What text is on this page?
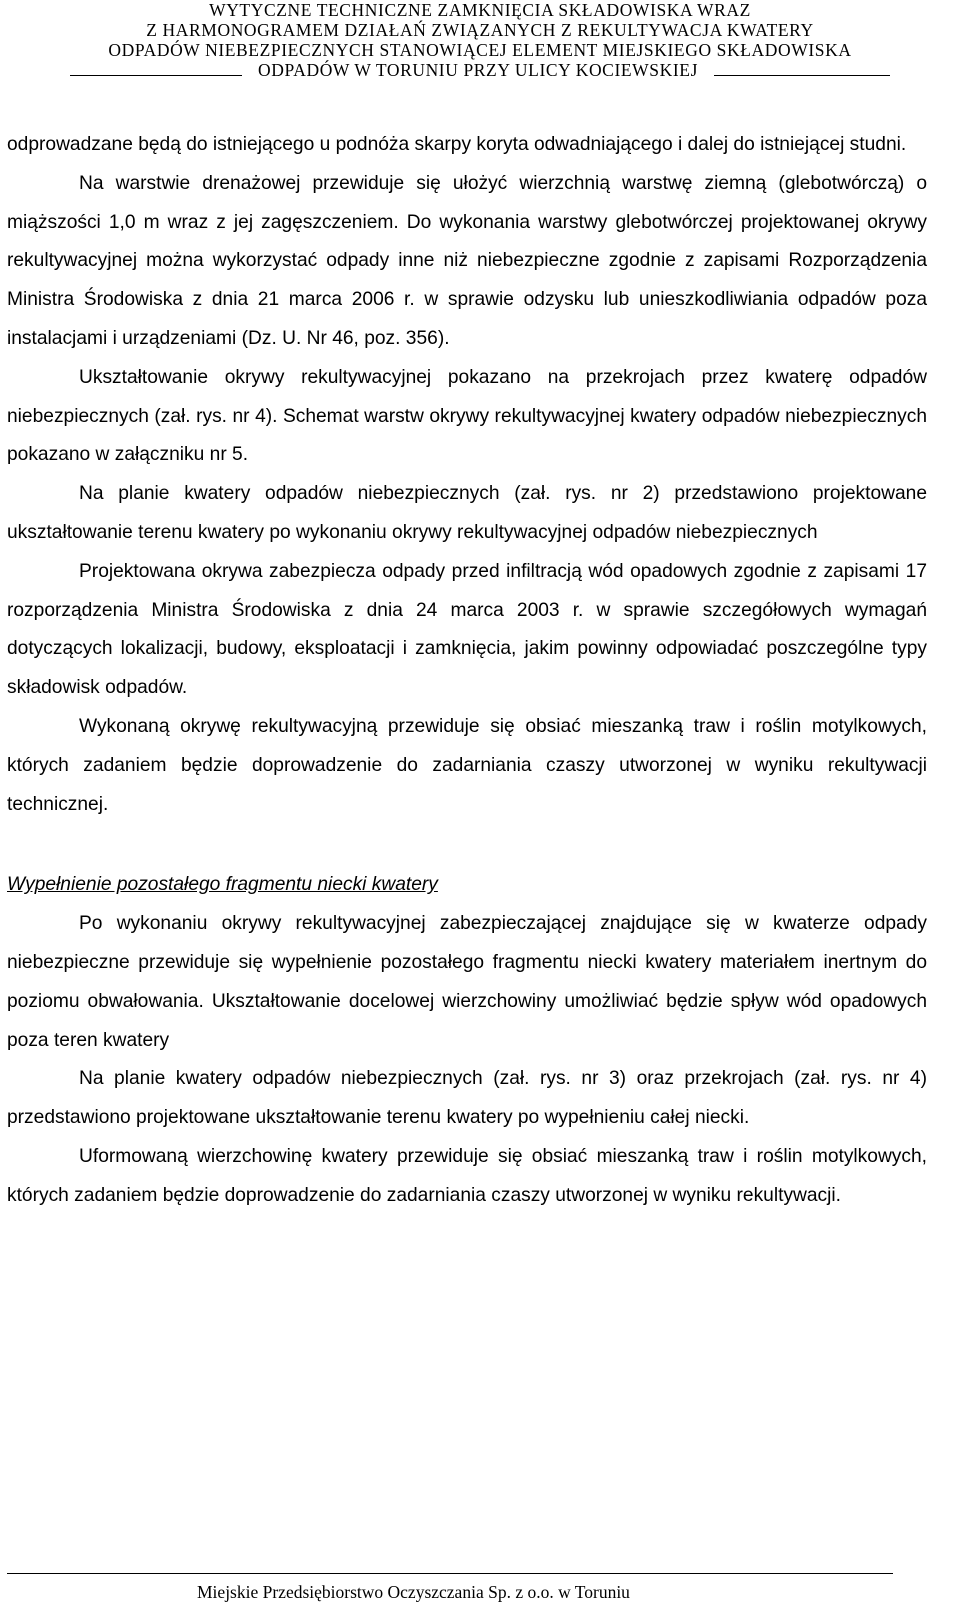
WYTYCZNE TECHNICZNE ZAMKNIĘCIA SKŁADOWISKA WRAZ
Z HARMONOGRAMEM DZIAŁAŃ ZWIĄZANYCH Z REKULTYWACJA KWATERY
ODPADÓW NIEBEZPIECZNYCH STANOWIĄCEJ ELEMENT MIEJSKIEGO SKŁADOWISKA
ODPADÓW W TORUNIU PRZY ULICY KOCIEWSKIEJ

odprowadzane będą do istniejącego u podnóża skarpy koryta odwadniającego i dalej do istniejącej studni.

Na warstwie drenażowej przewiduje się ułożyć wierzchnią warstwę ziemną (glebotwórczą) o miąższości 1,0 m wraz z jej zagęszczeniem. Do wykonania warstwy glebotwórczej projektowanej okrywy rekultywacyjnej można wykorzystać odpady inne niż niebezpieczne zgodnie z zapisami Rozporządzenia Ministra Środowiska z dnia 21 marca 2006 r. w sprawie odzysku lub unieszkodliwiania odpadów poza instalacjami i urządzeniami (Dz. U. Nr 46, poz. 356).

Ukształtowanie okrywy rekultywacyjnej pokazano na przekrojach przez kwaterę odpadów niebezpiecznych (zał. rys. nr 4). Schemat warstw okrywy rekultywacyjnej kwatery odpadów niebezpiecznych pokazano w załączniku nr 5.

Na planie kwatery odpadów niebezpiecznych (zał. rys. nr 2) przedstawiono projektowane ukształtowanie terenu kwatery po wykonaniu okrywy rekultywacyjnej odpadów niebezpiecznych

Projektowana okrywa zabezpiecza odpady przed infiltracją wód opadowych zgodnie z zapisami 17 rozporządzenia Ministra Środowiska z dnia 24 marca 2003 r. w sprawie szczegółowych wymagań dotyczących lokalizacji, budowy, eksploatacji i zamknięcia, jakim powinny odpowiadać poszczególne typy składowisk odpadów.

Wykonaną okrywę rekultywacyjną przewiduje się obsiać mieszanką traw i roślin motylkowych, których zadaniem będzie doprowadzenie do zadarniania czaszy utworzonej w wyniku rekultywacji technicznej.

Wypełnienie pozostałego fragmentu niecki kwatery

Po wykonaniu okrywy rekultywacyjnej zabezpieczającej znajdujące się w kwaterze odpady niebezpieczne przewiduje się wypełnienie pozostałego fragmentu niecki kwatery materiałem inertnym do poziomu obwałowania. Ukształtowanie docelowej wierzchowiny umożliwiać będzie spływ wód opadowych poza teren kwatery

Na planie kwatery odpadów niebezpiecznych (zał. rys. nr 3) oraz przekrojach (zał. rys. nr 4) przedstawiono projektowane ukształtowanie terenu kwatery po wypełnieniu całej niecki.

Uformowaną wierzchowinę kwatery przewiduje się obsiać mieszanką traw i roślin motylkowych, których zadaniem będzie doprowadzenie do zadarniania czaszy utworzonej w wyniku rekultywacji.

Miejskie Przedsiębiorstwo Oczyszczania Sp. z o.o. w Toruniu
